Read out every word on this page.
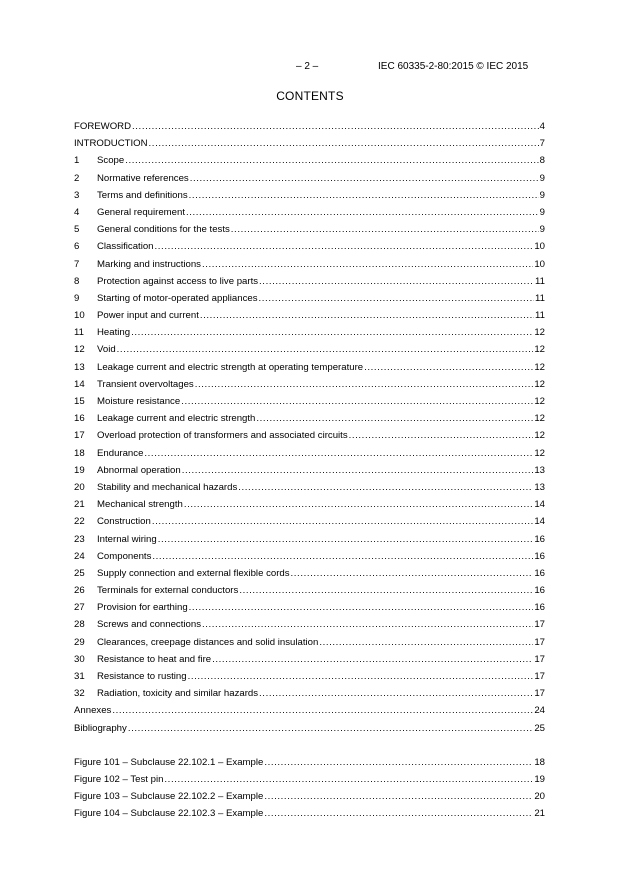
– 2 –	IEC 60335-2-80:2015 © IEC 2015
CONTENTS
FOREWORD .....	4
INTRODUCTION .....	7
1	Scope .....	8
2	Normative references .....	9
3	Terms and definitions .....	9
4	General requirement .....	9
5	General conditions for the tests .....	9
6	Classification .....	10
7	Marking and instructions .....	10
8	Protection against access to live parts .....	11
9	Starting of motor-operated appliances .....	11
10	Power input and current .....	11
11	Heating .....	12
12	Void .....	12
13	Leakage current and electric strength at operating temperature .....	12
14	Transient overvoltages .....	12
15	Moisture resistance .....	12
16	Leakage current and electric strength .....	12
17	Overload protection of transformers and associated circuits .....	12
18	Endurance .....	12
19	Abnormal operation .....	13
20	Stability and mechanical hazards .....	13
21	Mechanical strength .....	14
22	Construction .....	14
23	Internal wiring .....	16
24	Components .....	16
25	Supply connection and external flexible cords .....	16
26	Terminals for external conductors .....	16
27	Provision for earthing .....	16
28	Screws and connections .....	17
29	Clearances, creepage distances and solid insulation .....	17
30	Resistance to heat and fire .....	17
31	Resistance to rusting .....	17
32	Radiation, toxicity and similar hazards .....	17
Annexes .....	24
Bibliography .....	25
Figure 101 – Subclause 22.102.1 – Example .....	18
Figure 102 – Test pin .....	19
Figure 103 – Subclause 22.102.2 – Example .....	20
Figure 104 – Subclause 22.102.3 – Example .....	21
